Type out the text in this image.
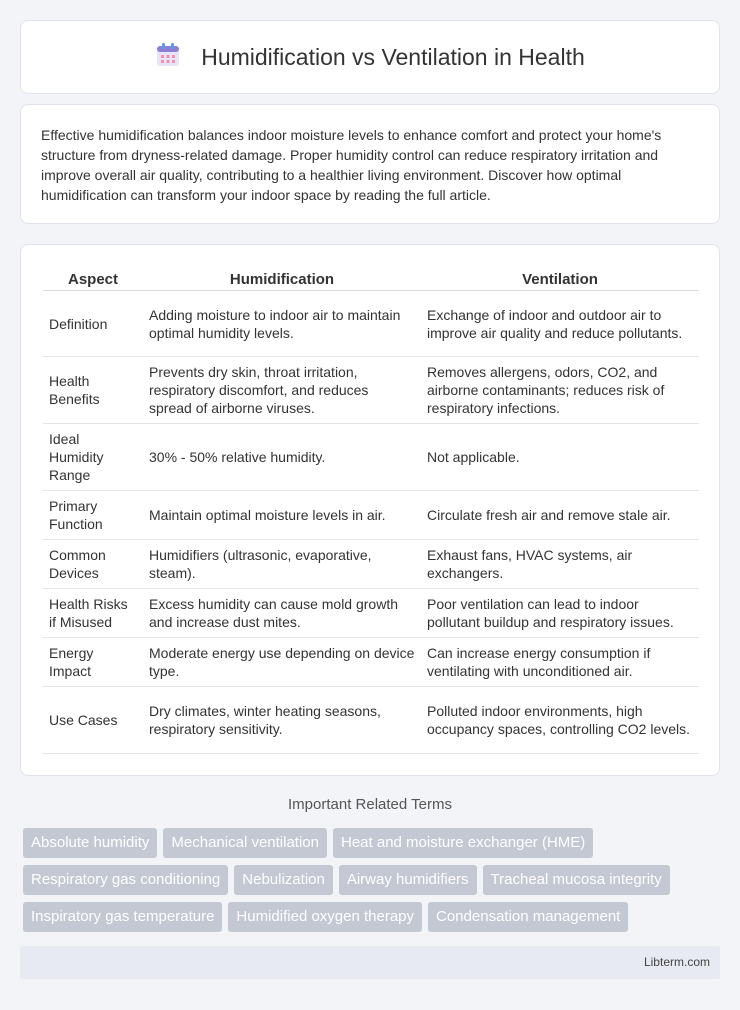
Humidification vs Ventilation in Health

Effective humidification balances indoor moisture levels to enhance comfort and protect your home's structure from dryness-related damage. Proper humidity control can reduce respiratory irritation and improve overall air quality, contributing to a healthier living environment. Discover how optimal humidification can transform your indoor space by reading the full article.

Aspect	Humidification	Ventilation
Definition	Adding moisture to indoor air to maintain optimal humidity levels.	Exchange of indoor and outdoor air to improve air quality and reduce pollutants.
Health Benefits	Prevents dry skin, throat irritation, respiratory discomfort, and reduces spread of airborne viruses.	Removes allergens, odors, CO2, and airborne contaminants; reduces risk of respiratory infections.
Ideal Humidity Range	30% - 50% relative humidity.	Not applicable.
Primary Function	Maintain optimal moisture levels in air.	Circulate fresh air and remove stale air.
Common Devices	Humidifiers (ultrasonic, evaporative, steam).	Exhaust fans, HVAC systems, air exchangers.
Health Risks if Misused	Excess humidity can cause mold growth and increase dust mites.	Poor ventilation can lead to indoor pollutant buildup and respiratory issues.
Energy Impact	Moderate energy use depending on device type.	Can increase energy consumption if ventilating with unconditioned air.
Use Cases	Dry climates, winter heating seasons, respiratory sensitivity.	Polluted indoor environments, high occupancy spaces, controlling CO2 levels.
Important Related Terms
Absolute humidity	Mechanical ventilation	Heat and moisture exchanger (HME)
Respiratory gas conditioning	Nebulization	Airway humidifiers	Tracheal mucosa integrity
Inspiratory gas temperature	Humidified oxygen therapy	Condensation management
Libterm.com
